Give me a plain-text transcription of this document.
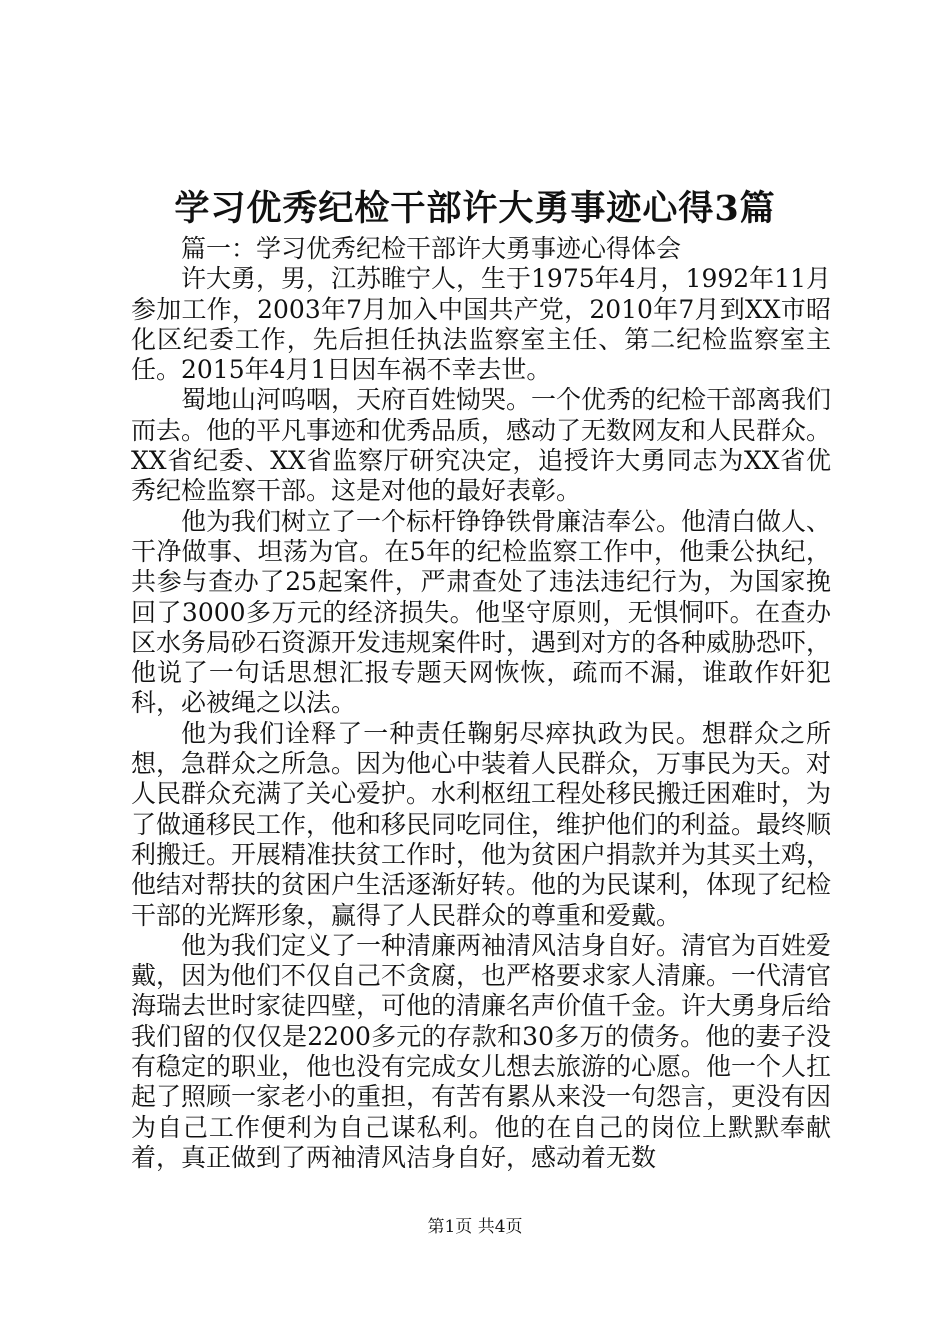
学习优秀纪检干部许大勇事迹心得3篇

篇一：学习优秀纪检干部许大勇事迹心得体会

许大勇，男，江苏睢宁人，生于1975年4月，1992年11月参加工作，2003年7月加入中国共产党，2010年7月到XX市昭化区纪委工作，先后担任执法监察室主任、第二纪检监察室主任。2015年4月1日因车祸不幸去世。

蜀地山河呜咽，天府百姓恸哭。一个优秀的纪检干部离我们而去。他的平凡事迹和优秀品质，感动了无数网友和人民群众。XX省纪委、XX省监察厅研究决定，追授许大勇同志为XX省优秀纪检监察干部。这是对他的最好表彰。

他为我们树立了一个标杆铮铮铁骨廉洁奉公。他清白做人、干净做事、坦荡为官。在5年的纪检监察工作中，他秉公执纪，共参与查办了25起案件，严肃查处了违法违纪行为，为国家挽回了3000多万元的经济损失。他坚守原则，无惧恫吓。在查办区水务局砂石资源开发违规案件时，遇到对方的各种威胁恐吓，他说了一句话思想汇报专题天网恢恢，疏而不漏，谁敢作奸犯科，必被绳之以法。

他为我们诠释了一种责任鞠躬尽瘁执政为民。想群众之所想，急群众之所急。因为他心中装着人民群众，万事民为天。对人民群众充满了关心爱护。水利枢纽工程处移民搬迁困难时，为了做通移民工作，他和移民同吃同住，维护他们的利益。最终顺利搬迁。开展精准扶贫工作时，他为贫困户捐款并为其买土鸡，他结对帮扶的贫困户生活逐渐好转。他的为民谋利，体现了纪检干部的光辉形象，赢得了人民群众的尊重和爱戴。

他为我们定义了一种清廉两袖清风洁身自好。清官为百姓爱戴，因为他们不仅自己不贪腐，也严格要求家人清廉。一代清官海瑞去世时家徒四壁，可他的清廉名声价值千金。许大勇身后给我们留的仅仅是2200多元的存款和30多万的债务。他的妻子没有稳定的职业，他也没有完成女儿想去旅游的心愿。他一个人扛起了照顾一家老小的重担，有苦有累从来没一句怨言，更没有因为自己工作便利为自己谋私利。他的在自己的岗位上默默奉献着，真正做到了两袖清风洁身自好，感动着无数

第1页 共4页
